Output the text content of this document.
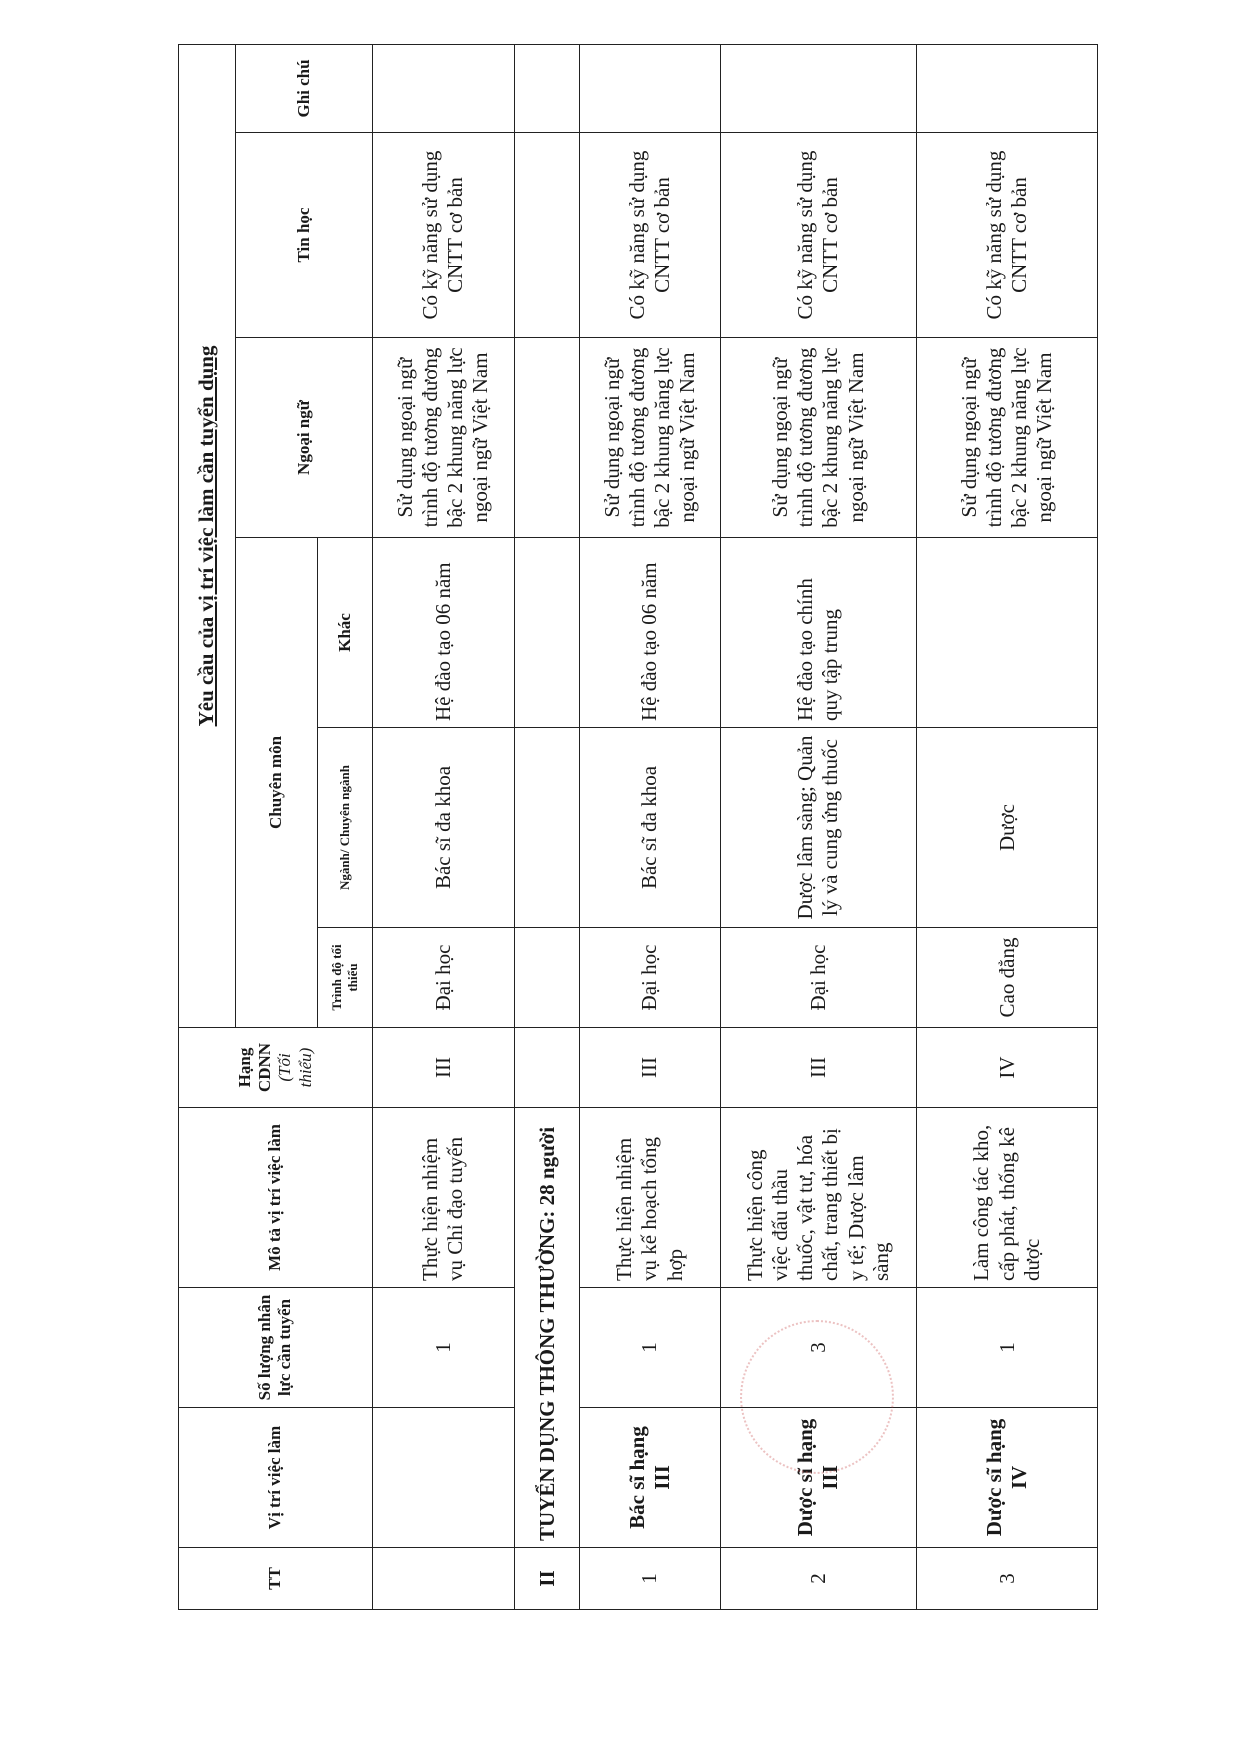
TT	Vị trí việc làm	Số lượng nhân lực cần tuyển	Mô tả vị trí việc làm	Hạng CDNN
(Tối thiểu)	Yêu cầu của vị trí việc làm cần tuyển dụng					
					Chuyên môn			Ngoại ngữ	Tin học	Ghi chú
					Trình độ tối thiểu	Ngành/ Chuyên ngành	Khác			
		1	Thực hiện nhiệm vụ Chỉ đạo tuyến	III	Đại học	Bác sĩ đa khoa	Hệ đào tạo 06 năm	Sử dụng ngoại ngữ trình độ tương đương bậc 2 khung năng lực ngoại ngữ Việt Nam	Có kỹ năng sử dụng CNTT cơ bản	
II	TUYỂN DỤNG THÔNG THƯỜNG: 28 người									
1	Bác sĩ hạng III	1	Thực hiện nhiệm vụ kế hoạch tổng hợp	III	Đại học	Bác sĩ đa khoa	Hệ đào tạo 06 năm	Sử dụng ngoại ngữ trình độ tương đương bậc 2 khung năng lực ngoại ngữ Việt Nam	Có kỹ năng sử dụng CNTT cơ bản	
2	Dược sĩ hạng III	3	Thực hiện công việc đấu thầu thuốc, vật tư, hóa chất, trang thiết bị y tế; Dược lâm sàng	III	Đại học	Dược lâm sàng; Quản lý và cung ứng thuốc	Hệ đào tạo chính quy tập trung	Sử dụng ngoại ngữ trình độ tương đương bậc 2 khung năng lực ngoại ngữ Việt Nam	Có kỹ năng sử dụng CNTT cơ bản	
3	Dược sĩ hạng IV	1	Làm công tác kho, cấp phát, thống kê dược	IV	Cao đẳng	Dược		Sử dụng ngoại ngữ trình độ tương đương bậc 2 khung năng lực ngoại ngữ Việt Nam	Có kỹ năng sử dụng CNTT cơ bản	
